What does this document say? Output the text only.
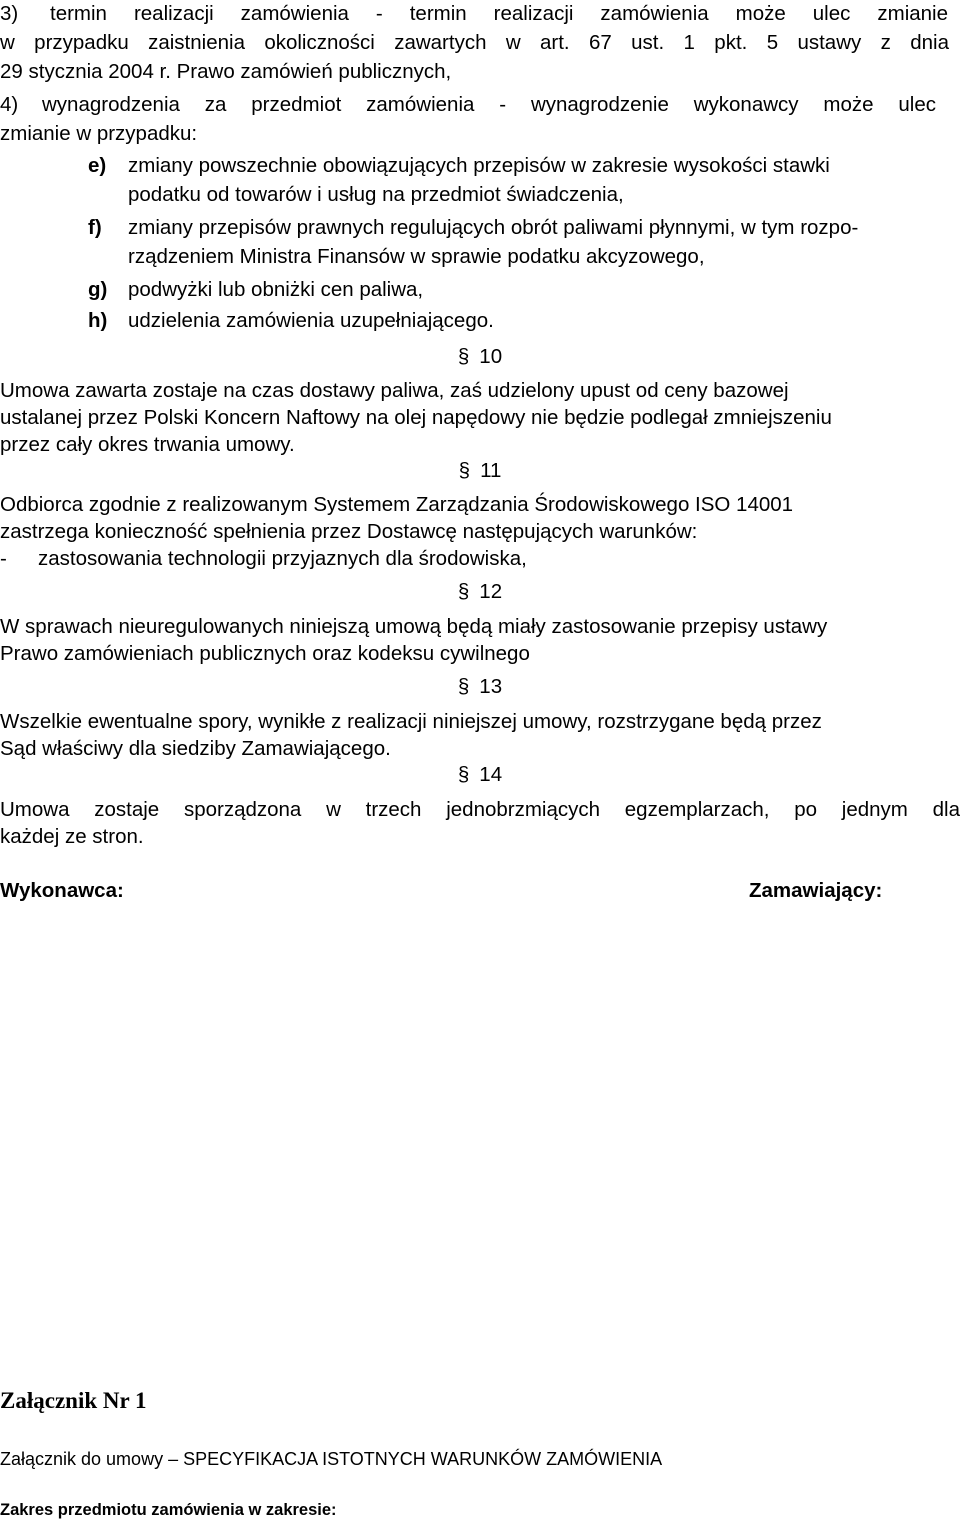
3) termin realizacji zamówienia - termin realizacji zamówienia może ulec zmianie

w przypadku zaistnienia okoliczności zawartych w art. 67 ust. 1 pkt. 5 ustawy z dnia

29 stycznia 2004 r. Prawo zamówień publicznych,

4) wynagrodzenia za przedmiot zamówienia - wynagrodzenie wykonawcy może ulec

zmianie w przypadku:

e) zmiany powszechnie obowiązujących przepisów w zakresie wysokości stawki

podatku od towarów i usług na przedmiot świadczenia,

f) zmiany przepisów prawnych regulujących obrót paliwami płynnymi, w tym rozpo-

rządzeniem Ministra Finansów w sprawie podatku akcyzowego,

g) podwyżki lub obniżki cen paliwa,
h) udzielenia zamówienia uzupełniającego.

§ 10

Umowa zawarta zostaje na czas dostawy paliwa, zaś udzielony upust od ceny bazowej

ustalanej przez Polski Koncern Naftowy na olej napędowy nie będzie podlegał zmniejszeniu

przez cały okres trwania umowy.

§ 11

Odbiorca zgodnie z realizowanym Systemem Zarządzania Środowiskowego ISO 14001

zastrzega konieczność spełnienia przez Dostawcę następujących warunków:

- zastosowania technologii przyjaznych dla środowiska,

§ 12

W sprawach nieuregulowanych niniejszą umową będą miały zastosowanie przepisy ustawy

Prawo zamówieniach publicznych oraz kodeksu cywilnego

§ 13

Wszelkie ewentualne spory, wynikłe z realizacji niniejszej umowy, rozstrzygane będą przez

Sąd właściwy dla siedziby Zamawiającego.

§ 14

Umowa zostaje sporządzona w trzech jednobrzmiących egzemplarzach, po jednym dla

każdej ze stron.

Wykonawca:	Zamawiający:

Załącznik Nr 1

Załącznik do umowy – SPECYFIKACJA ISTOTNYCH WARUNKÓW ZAMÓWIENIA

Zakres przedmiotu zamówienia w zakresie:
